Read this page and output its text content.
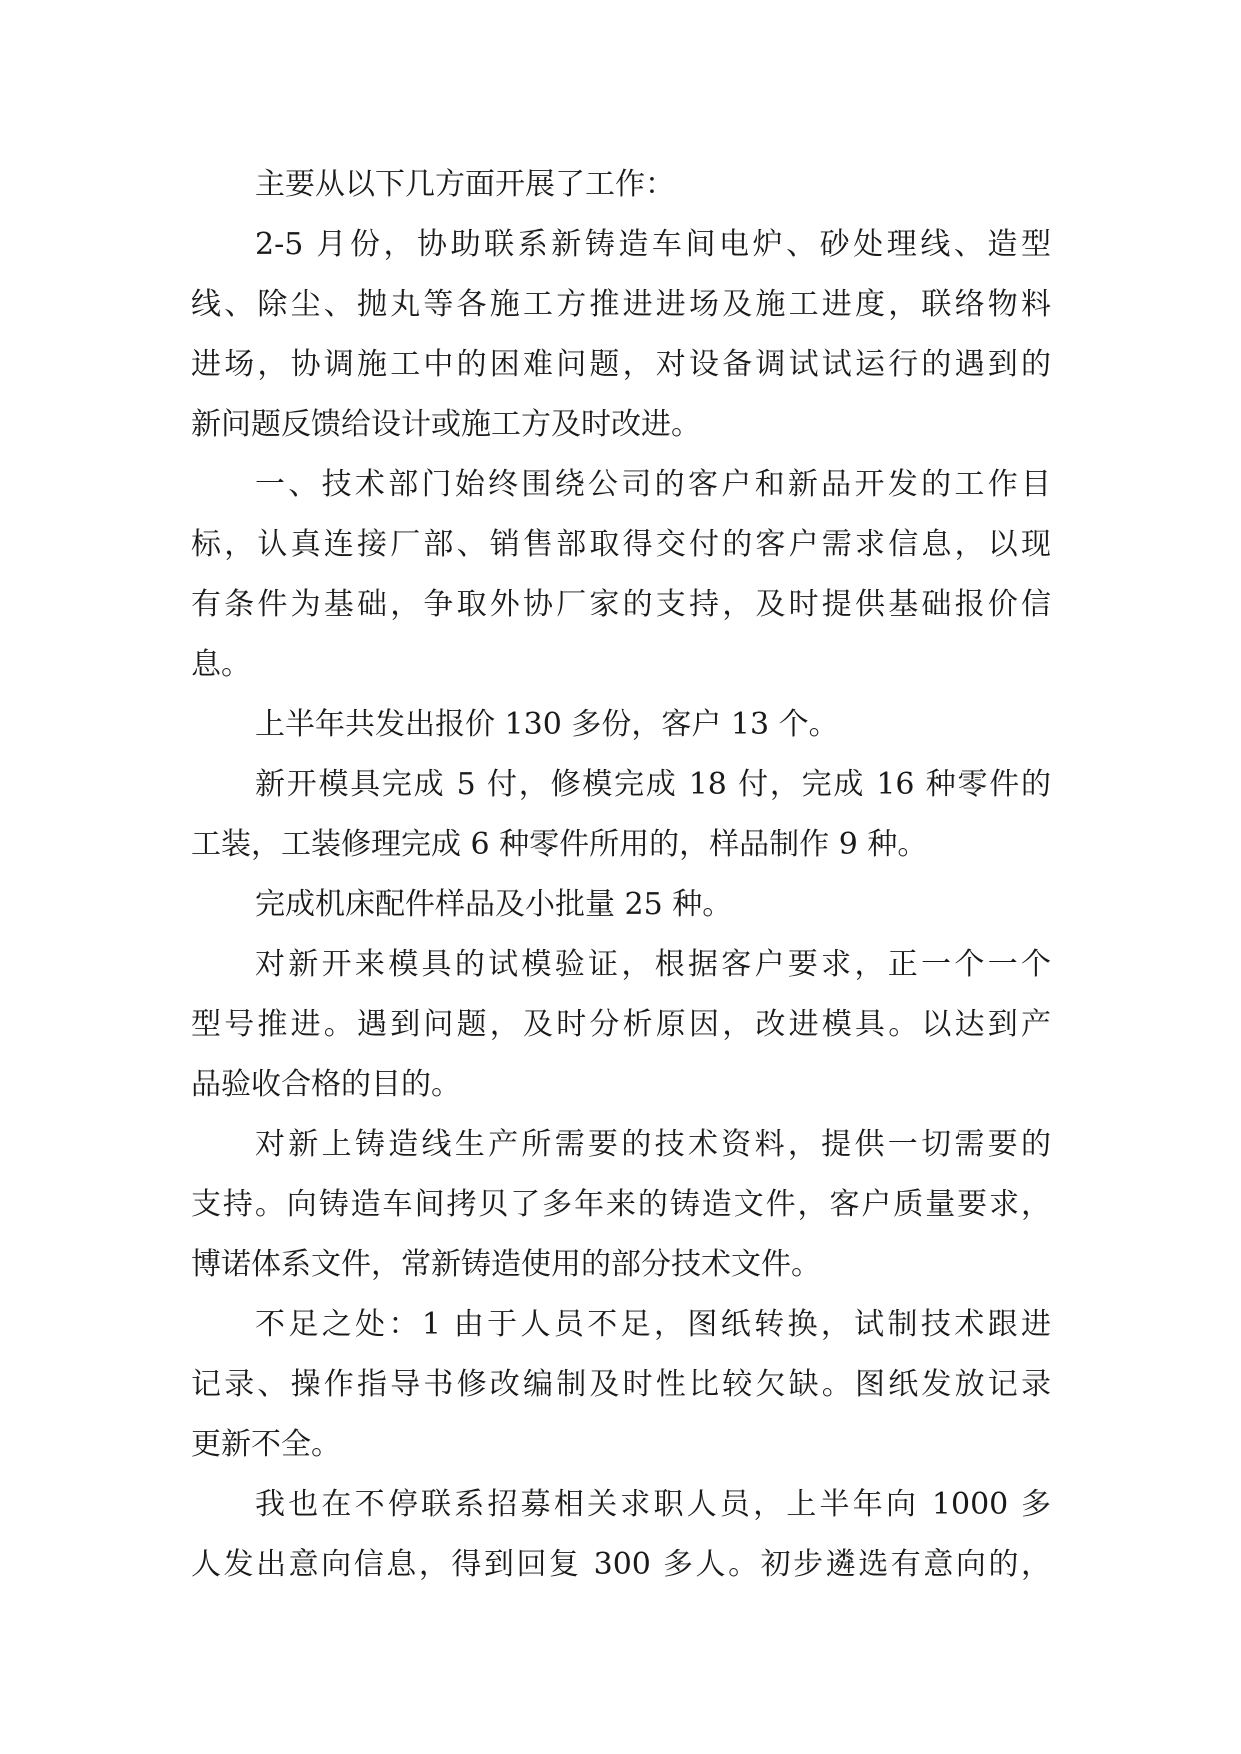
主要从以下几方面开展了工作：
2-5 月份，协助联系新铸造车间电炉、砂处理线、造型
线、除尘、抛丸等各施工方推进进场及施工进度，联络物料
进场，协调施工中的困难问题，对设备调试试运行的遇到的
新问题反馈给设计或施工方及时改进。
一、技术部门始终围绕公司的客户和新品开发的工作目
标，认真连接厂部、销售部取得交付的客户需求信息，以现
有条件为基础，争取外协厂家的支持，及时提供基础报价信
息。
上半年共发出报价 130 多份，客户 13 个。
新开模具完成 5 付，修模完成 18 付，完成 16 种零件的
工装，工装修理完成 6 种零件所用的，样品制作 9 种。
完成机床配件样品及小批量 25 种。
对新开来模具的试模验证，根据客户要求，正一个一个
型号推进。遇到问题，及时分析原因，改进模具。以达到产
品验收合格的目的。
对新上铸造线生产所需要的技术资料，提供一切需要的
支持。向铸造车间拷贝了多年来的铸造文件，客户质量要求，
博诺体系文件，常新铸造使用的部分技术文件。
不足之处：1 由于人员不足，图纸转换，试制技术跟进
记录、操作指导书修改编制及时性比较欠缺。图纸发放记录
更新不全。
我也在不停联系招募相关求职人员，上半年向 1000 多
人发出意向信息，得到回复 300 多人。初步遴选有意向的，
